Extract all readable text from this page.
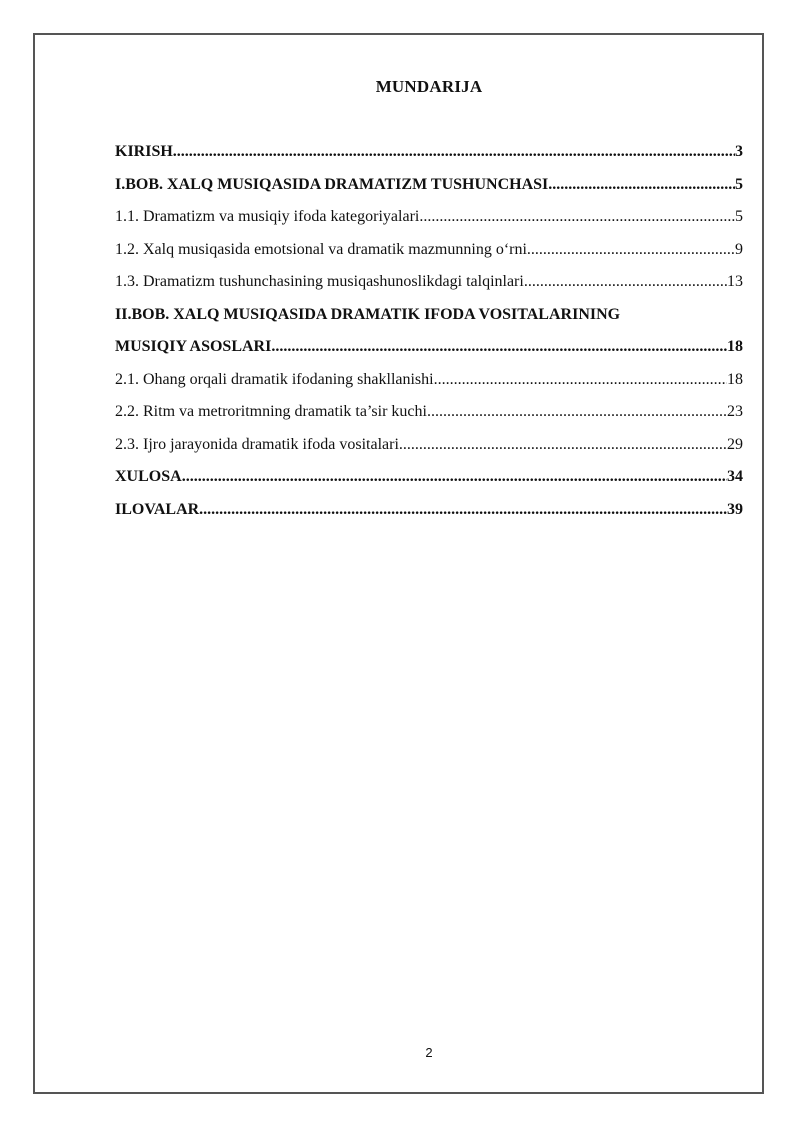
MUNDARIJA
KIRISH .....	3
I.BOB. XALQ MUSIQASIDA DRAMATIZM TUSHUNCHASI .....	5
1.1. Dramatizm va musiqiy ifoda kategoriyalari .....	5
1.2. Xalq musiqasida emotsional va dramatik mazmunning o‘rni .....	9
1.3. Dramatizm tushunchasining musiqashunoslikdagi talqinlari .....	13
II.BOB. XALQ MUSIQASIDA DRAMATIK IFODA VOSITALARINING
MUSIQIY ASOSLARI .....	18
2.1. Ohang orqali dramatik ifodaning shakllanishi .....	18
2.2. Ritm va metroritmning dramatik ta’sir kuchi .....	23
2.3. Ijro jarayonida dramatik ifoda vositalari .....	29
XULOSA .....	34
ILOVALAR .....	39
2
